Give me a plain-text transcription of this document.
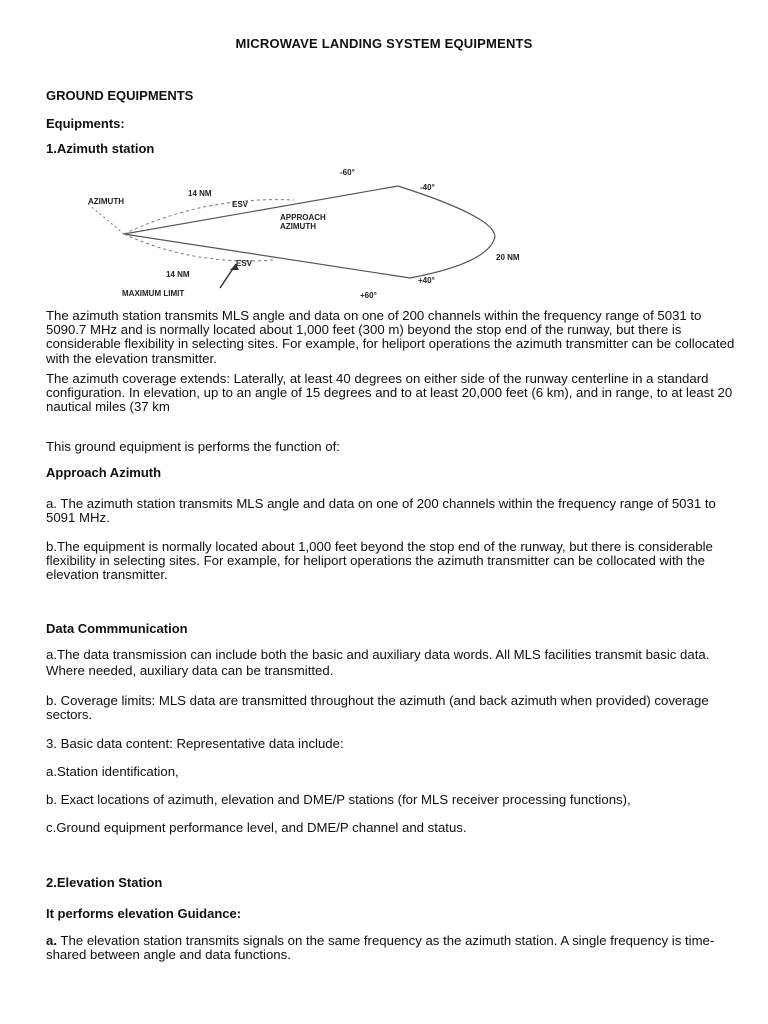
MICROWAVE LANDING SYSTEM EQUIPMENTS
GROUND EQUIPMENTS
Equipments:
1.Azimuth station
-60°
-40°
AZIMUTH
14 NM
ESV
APPROACH
AZIMUTH
20 NM
ESV
14 NM
+40°
MAXIMUM LIMIT	+60°

The azimuth station transmits MLS angle and data on one of 200 channels within the frequency range of 5031 to 5090.7 MHz and is normally located about 1,000 feet (300 m) beyond the stop end of the runway, but there is considerable flexibility in selecting sites. For example, for heliport operations the azimuth transmitter can be collocated with the elevation transmitter.

The azimuth coverage extends: Laterally, at least 40 degrees on either side of the runway centerline in a standard configuration. In elevation, up to an angle of 15 degrees and to at least 20,000 feet (6 km), and in range, to at least 20 nautical miles (37 km

This ground equipment is performs the function of:

Approach Azimuth

a. The azimuth station transmits MLS angle and data on one of 200 channels within the frequency range of 5031 to 5091 MHz.

b.The equipment is normally located about 1,000 feet beyond the stop end of the runway, but there is considerable flexibility in selecting sites. For example, for heliport operations the azimuth transmitter can be collocated with the elevation transmitter.

Data Commmunication

a.The data transmission can include both the basic and auxiliary data words. All MLS facilities transmit basic data. Where needed, auxiliary data can be transmitted.

b. Coverage limits: MLS data are transmitted throughout the azimuth (and back azimuth when provided) coverage sectors.

3. Basic data content: Representative data include:

a.Station identification,

b. Exact locations of azimuth, elevation and DME/P stations (for MLS receiver processing functions),

c.Ground equipment performance level, and DME/P channel and status.

2.Elevation Station
It performs elevation Guidance:

a. The elevation station transmits signals on the same frequency as the azimuth station. A single frequency is time-shared between angle and data functions.
